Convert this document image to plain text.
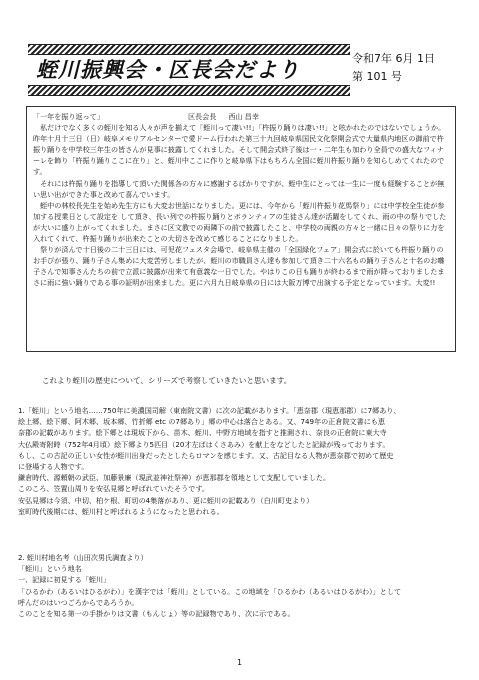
蛭川振興会・区長会だより	令和7年 6月 1日
第 101 号
「一年を振り返って」	区長会長 西山 昌幸

私だけでなく多くの蛭川を知る人々が声を揃えて「蛭川って凄い!!」「杵振り踊りは凄い!!」と呟かれたのではないでしょうか。昨年十月十三日（日）岐阜メモリアルセンターで愛ドーム行われた第三十九回岐阜県国民文化祭開会式で大量県内地区の御前で杵振り踊りを中学校三年生の皆さんが見事に披露してくれました。そして開会式終了後は一・二年生も加わり全員での盛大なフィナーレを飾り「杵振り踊りここに在り」と、蛭川中ここに作りと岐阜県下はもちろん全国に蛭川杵振り踊りを知らしめてくれたのです。

それには杵振り踊りを指導して頂いた関係各の方々に感謝するばかりですが、蛭中生にとっては一生に一度も経験することが無い思い出ができた事と改めて喜んでいます。

蛭中の林校長先生を始め先生方にも大変お世話になりました。更には、今年から「蛭川杵振り花馬祭り」には中学校全生徒が参加する授業日として設定を して頂き、長い列での杵振り踊りとボランティアの生徒さん達が活躍をしてくれ、雨の中の祭りでしたが大いに盛り上がってくれました。まさに区文教での両隣下の前で披露したこと、中学校の両親の方々と一緒に日々の祭りに力を入れてくれて、杵振り踊りが出来たことの大切さを改めて感じることになりました。

祭りが済んで十日後の二十三日には、可児花フェスタ会場で、岐阜県主催の「全国緑化フェア」開会式に於いても杵振り踊りのお手びが張り、踊り子さん集めに大変苦労しましたが、蛭川の市職員さん達も参加して頂き二十六名もの踊り子さんと十名のお囃子さんで知事さんたちの前で立派に披露が出来て有意義な一日でした。やはりこの日も踊りが終わるまで雨が降っておりましたまさに雨に強い踊りである事の証明が出来ました。更に六月九日岐阜県の日には大阪万博で出演する予定となっています。大変!!

これより蛭川の歴史について、シリーズで考察していきたいと思います。
1.「蛭川」という地名……750年に美濃国司解（東南院文書）に次の記載があります。「恵奈郡（現恵那郡）に7郷あり、
絵上郷、絵下郷、阿木郷、坂本郷、竹折郷 etc の7郷あり」郷の中心は落合とある。又、749年の正倉院文書にも恵
奈郡の記載があります。絵下郷とは現坂下から、苗木、蛭川、中野方地域を指すと推測され、奈良の正倉院に東大寺
大仏殿寄附時（752年4月頃）絵下郷より5匹目（20才左ばはくさあみ）を献上をなどしたと記録が残っております。
もし、この古記の正しい女性が蛭川出身だったとしたらロマンを感じます。又、古記目なる人物が恵奈郡で初めて歴史
に登場する人物です。
鎌倉時代、源頼朝の武臣、加藤景廉（現武並神社祭神）が恵那郡を領地として支配していました。
このころ、笠置山周りを安弘見郷と呼ばれていたそうです。
安弘見郷は今須、中切、柏ケ根、町切の4集落があり、更に蛭川の記載あり（白川町史より）
室町時代後期には、蛭川村と呼ばれるようになったと思われる。
2. 蛭川村地名考（山田次男氏調査より）
「蛭川」という地名
一、記録に初見する「蛭川」
「ひるかわ（あるいはひるがわ）」を漢字では「蛭川」としている。この地域を「ひるかわ（あるいはひるがわ）」として
呼んだのはいつごろからであろうか。
このことを知る第一の手掛かりは文書（もんじょ）等の記録物であり、次に示である。
1
